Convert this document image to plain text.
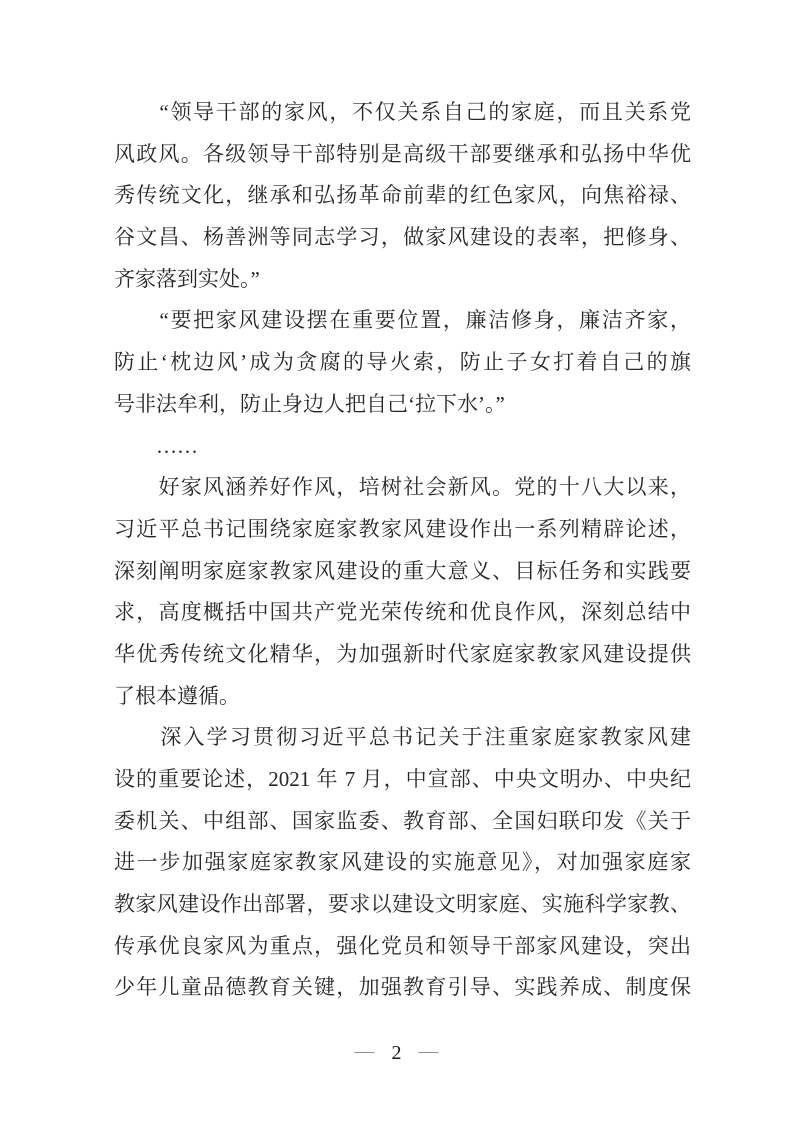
　　“领导干部的家风，不仅关系自己的家庭，而且关系党
风政风。各级领导干部特别是高级干部要继承和弘扬中华优
秀传统文化，继承和弘扬革命前辈的红色家风，向焦裕禄、
谷文昌、杨善洲等同志学习，做家风建设的表率，把修身、
齐家落到实处。”
　　“要把家风建设摆在重要位置，廉洁修身，廉洁齐家，
防止‘枕边风’成为贪腐的导火索，防止子女打着自己的旗
号非法牟利，防止身边人把自己‘拉下水’。”
　　……
　　好家风涵养好作风，培树社会新风。党的十八大以来，
习近平总书记围绕家庭家教家风建设作出一系列精辟论述，
深刻阐明家庭家教家风建设的重大意义、目标任务和实践要
求，高度概括中国共产党光荣传统和优良作风，深刻总结中
华优秀传统文化精华，为加强新时代家庭家教家风建设提供
了根本遵循。
　　深入学习贯彻习近平总书记关于注重家庭家教家风建
设的重要论述，2021 年 7 月，中宣部、中央文明办、中央纪
委机关、中组部、国家监委、教育部、全国妇联印发《关于
进一步加强家庭家教家风建设的实施意见》，对加强家庭家
教家风建设作出部署，要求以建设文明家庭、实施科学家教、
传承优良家风为重点，强化党员和领导干部家风建设，突出
少年儿童品德教育关键，加强教育引导、实践养成、制度保
— 2 —
